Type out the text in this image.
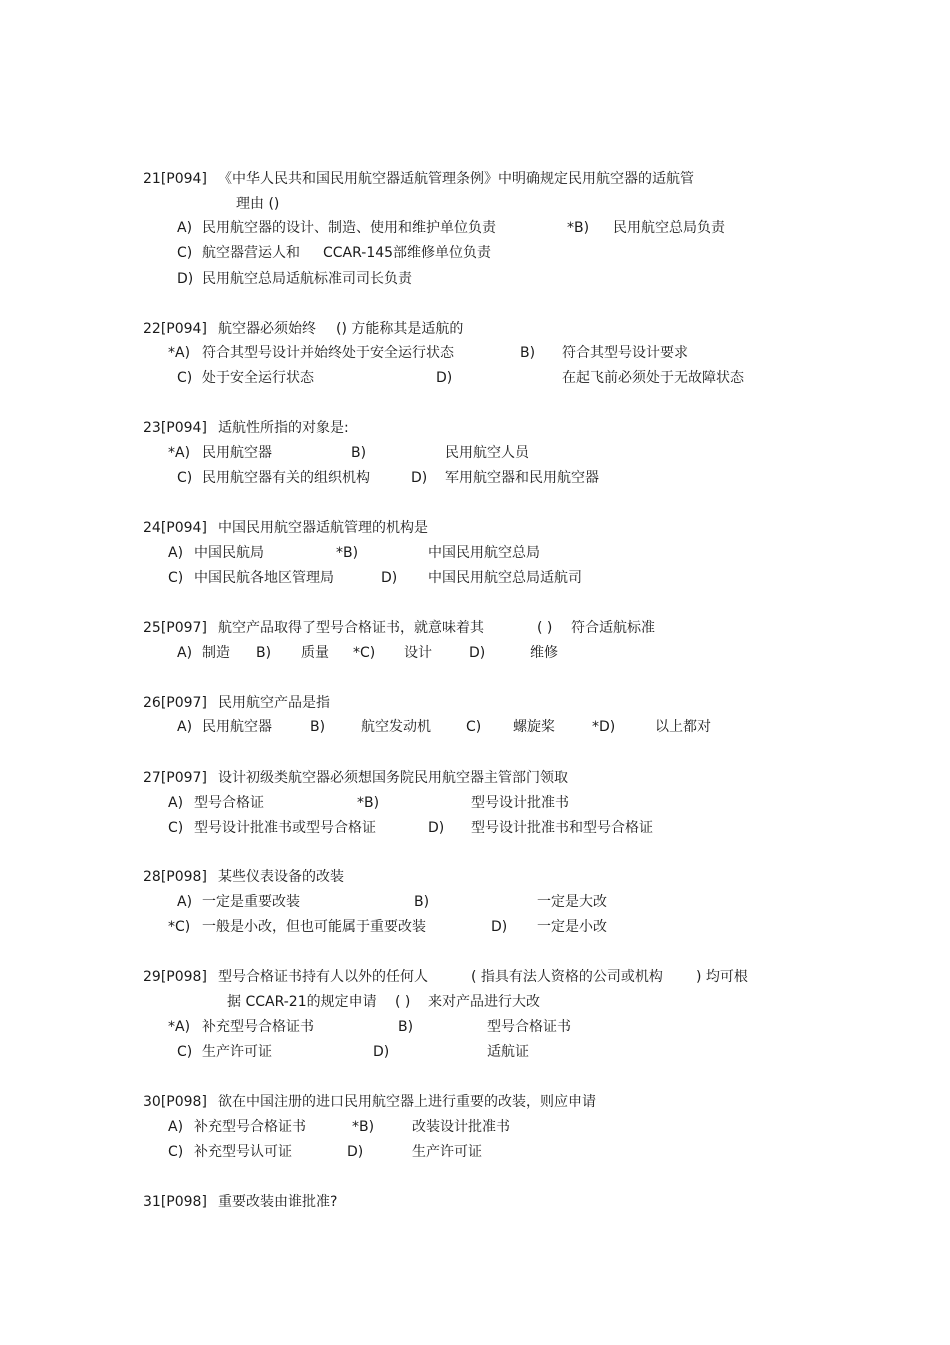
21[P094] 《中华人民共和国民用航空器适航管理条例》中明确规定民用航空器的适航管
理由 ()
A) 民用航空器的设计、制造、使用和维护单位负责	*B) 民用航空总局负责
C) 航空器营运人和 CCAR-145部维修单位负责
D) 民用航空总局适航标准司司长负责
22[P094] 航空器必须始终 () 方能称其是适航的
*A) 符合其型号设计并始终处于安全运行状态	B) 符合其型号设计要求
C) 处于安全运行状态	D)	在起飞前必须处于无故障状态
23[P094] 适航性所指的对象是:
*A) 民用航空器	B)	民用航空人员
C) 民用航空器有关的组织机构	D) 军用航空器和民用航空器
24[P094] 中国民用航空器适航管理的机构是
A) 中国民航局	*B)	中国民用航空总局
C) 中国民航各地区管理局	D) 中国民用航空总局适航司
25[P097] 航空产品取得了型号合格证书，就意味着其	( ) 符合适航标准
A) 制造 B) 质量 *C) 设计	D)	维修
26[P097] 民用航空产品是指
A) 民用航空器	B)	航空发动机	C) 螺旋桨	*D)	以上都对
27[P097] 设计初级类航空器必须想国务院民用航空器主管部门领取
A) 型号合格证	*B)	型号设计批准书
C) 型号设计批准书或型号合格证	D) 型号设计批准书和型号合格证
28[P098] 某些仪表设备的改装
A) 一定是重要改装	B)	一定是大改
*C) 一般是小改，但也可能属于重要改装	D) 一定是小改
29[P098] 型号合格证书持有人以外的任何人	( 指具有法人资格的公司或机构 ) 均可根
据 CCAR-21的规定申请 ( ) 来对产品进行大改
*A) 补充型号合格证书	B)	型号合格证书
C) 生产许可证	D)	适航证
30[P098] 欲在中国注册的进口民用航空器上进行重要的改装，则应申请
A) 补充型号合格证书	*B)	改装设计批准书
C) 补充型号认可证	D)	生产许可证
31[P098] 重要改装由谁批准?
